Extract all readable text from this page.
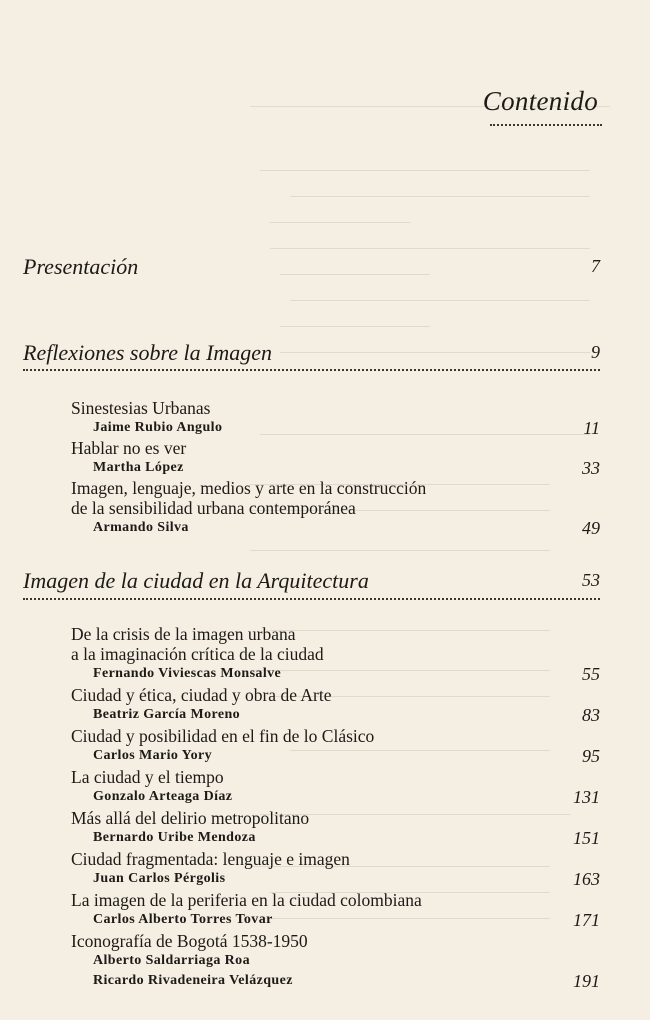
Contenido
Presentación	7
Reflexiones sobre la Imagen	9
Sinestesias Urbanas
Jaime Rubio Angulo	11
Hablar no es ver
Martha López	33
Imagen, lenguaje, medios y arte en la construcción
de la sensibilidad urbana contemporánea
Armando Silva	49
Imagen de la ciudad en la Arquitectura	53
De la crisis de la imagen urbana
a la imaginación crítica de la ciudad
Fernando Viviescas Monsalve	55
Ciudad y ética, ciudad y obra de Arte
Beatriz García Moreno	83
Ciudad y posibilidad en el fin de lo Clásico
Carlos Mario Yory	95
La ciudad y el tiempo
Gonzalo Arteaga Díaz	131
Más allá del delirio metropolitano
Bernardo Uribe Mendoza	151
Ciudad fragmentada: lenguaje e imagen
Juan Carlos Pérgolis	163
La imagen de la periferia en la ciudad colombiana
Carlos Alberto Torres Tovar	171
Iconografía de Bogotá 1538-1950
Alberto Saldarriaga Roa
Ricardo Rivadeneira Velázquez	191
